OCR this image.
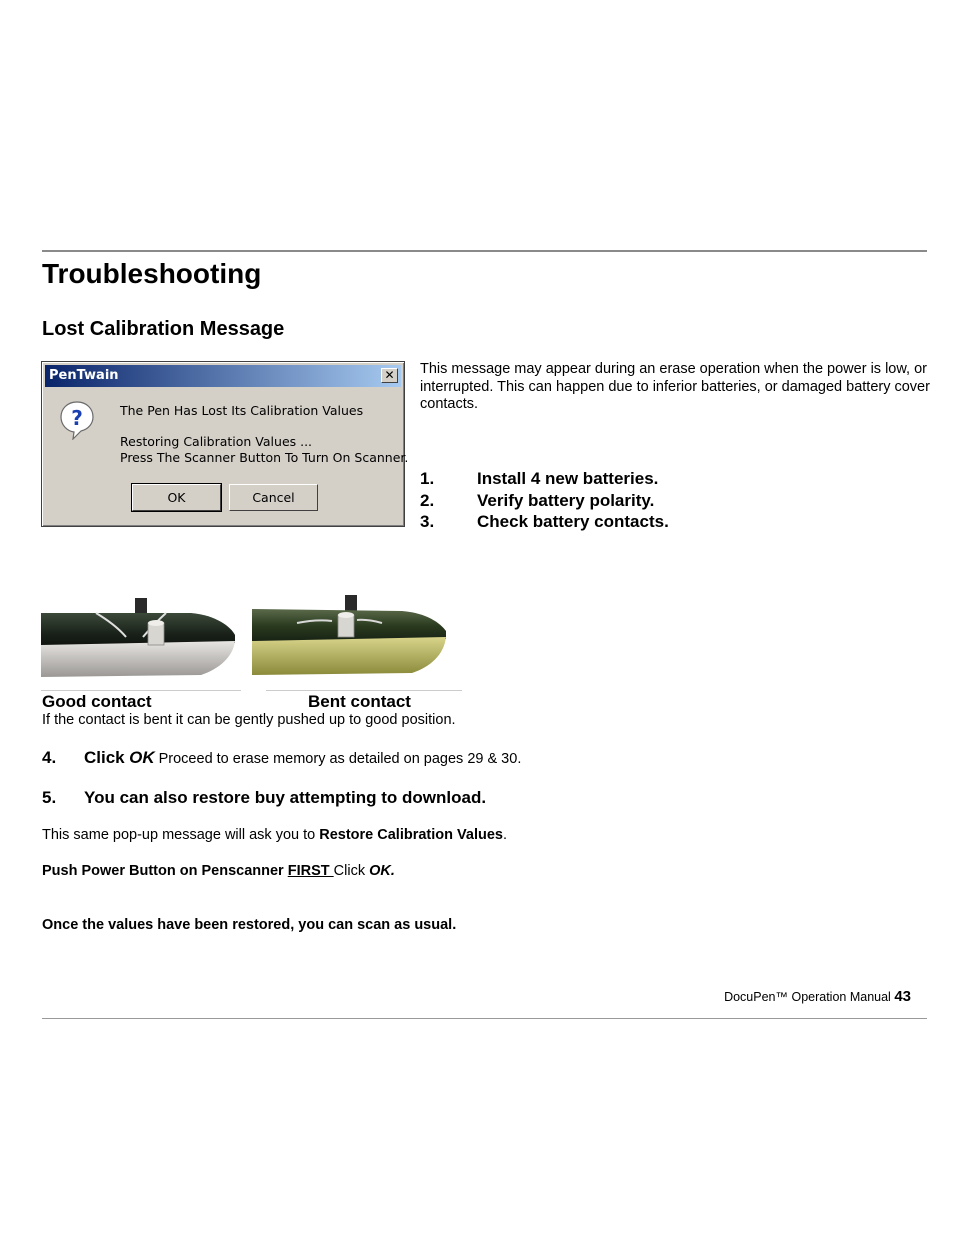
Troubleshooting
Lost Calibration Message
PenTwain	✕
?	The Pen Has Lost Its Calibration Values
Restoring Calibration Values ...
Press The Scanner Button To Turn On Scanner.
OK	Cancel
This message may appear during an erase operation when the power is low, or interrupted. This can happen due to inferior batteries, or damaged battery cover contacts.
1.	Install 4 new batteries.
2.	Verify battery polarity.
3.	Check battery contacts.
Good contact	Bent contact
If the contact is bent it can be gently pushed up to good position.
4. Click OK Proceed to erase memory as detailed on pages 29 & 30.
5. You can also restore buy attempting to download.
This same pop-up message will ask you to Restore Calibration Values.
Push Power Button on Penscanner FIRST Click OK.
Once the values have been restored, you can scan as usual.
DocuPen™ Operation Manual 43
